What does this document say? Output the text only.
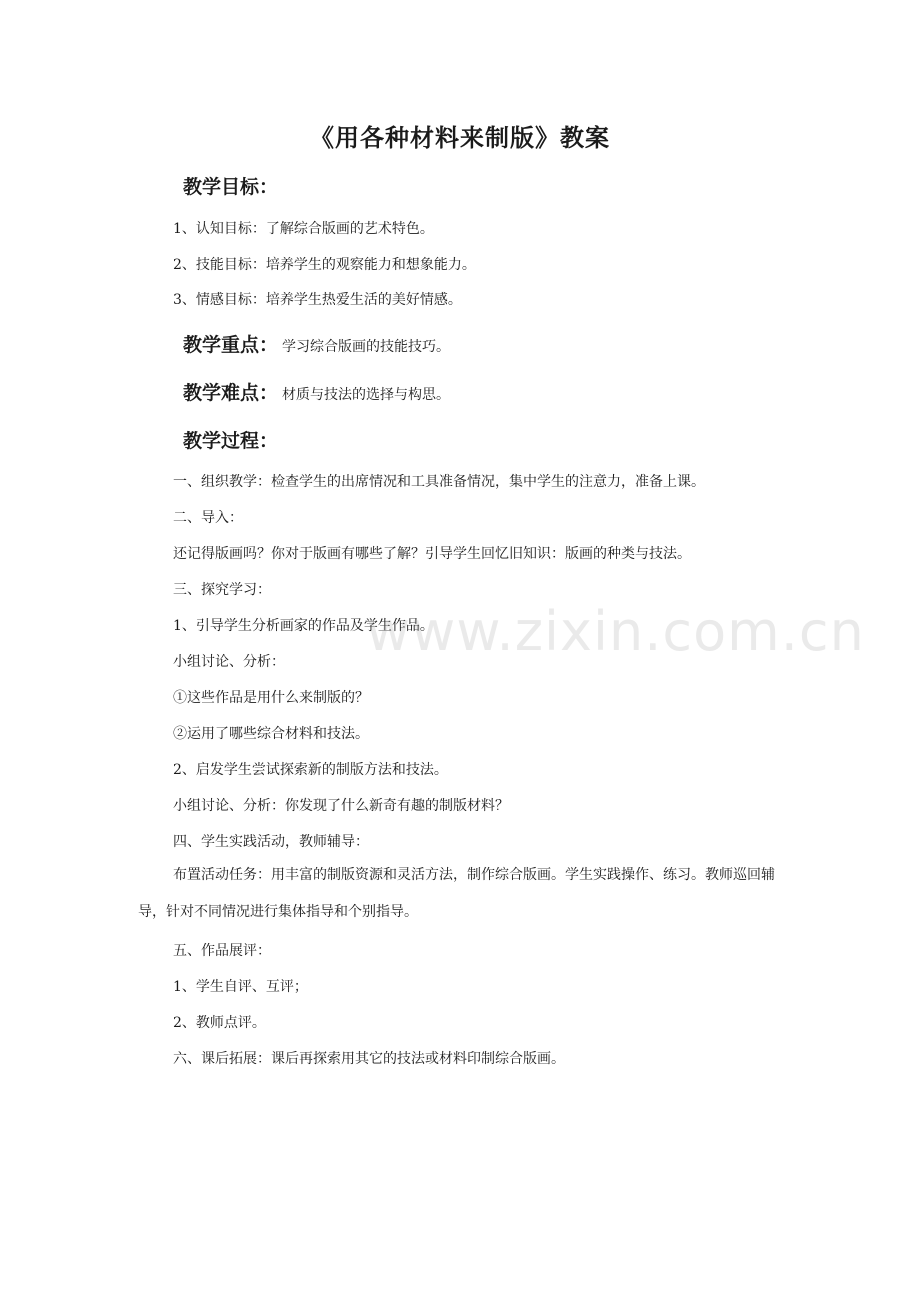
《用各种材料来制版》教案
教学目标：
1、认知目标：了解综合版画的艺术特色。
2、技能目标：培养学生的观察能力和想象能力。
3、情感目标：培养学生热爱生活的美好情感。
教学重点： 学习综合版画的技能技巧。
教学难点： 材质与技法的选择与构思。
教学过程：
一、组织教学：检查学生的出席情况和工具准备情况，集中学生的注意力，准备上课。
二、导入：
还记得版画吗？你对于版画有哪些了解？引导学生回忆旧知识：版画的种类与技法。
三、探究学习：
1、引导学生分析画家的作品及学生作品。
小组讨论、分析：
①这些作品是用什么来制版的？
②运用了哪些综合材料和技法。
2、启发学生尝试探索新的制版方法和技法。
小组讨论、分析：你发现了什么新奇有趣的制版材料？
四、学生实践活动，教师辅导：

布置活动任务：用丰富的制版资源和灵活方法，制作综合版画。学生实践操作、练习。教师巡回辅导，针对不同情况进行集体指导和个别指导。

五、作品展评：
1、学生自评、互评；
2、教师点评。
六、课后拓展：课后再探索用其它的技法或材料印制综合版画。
www.zixin.com.cn
